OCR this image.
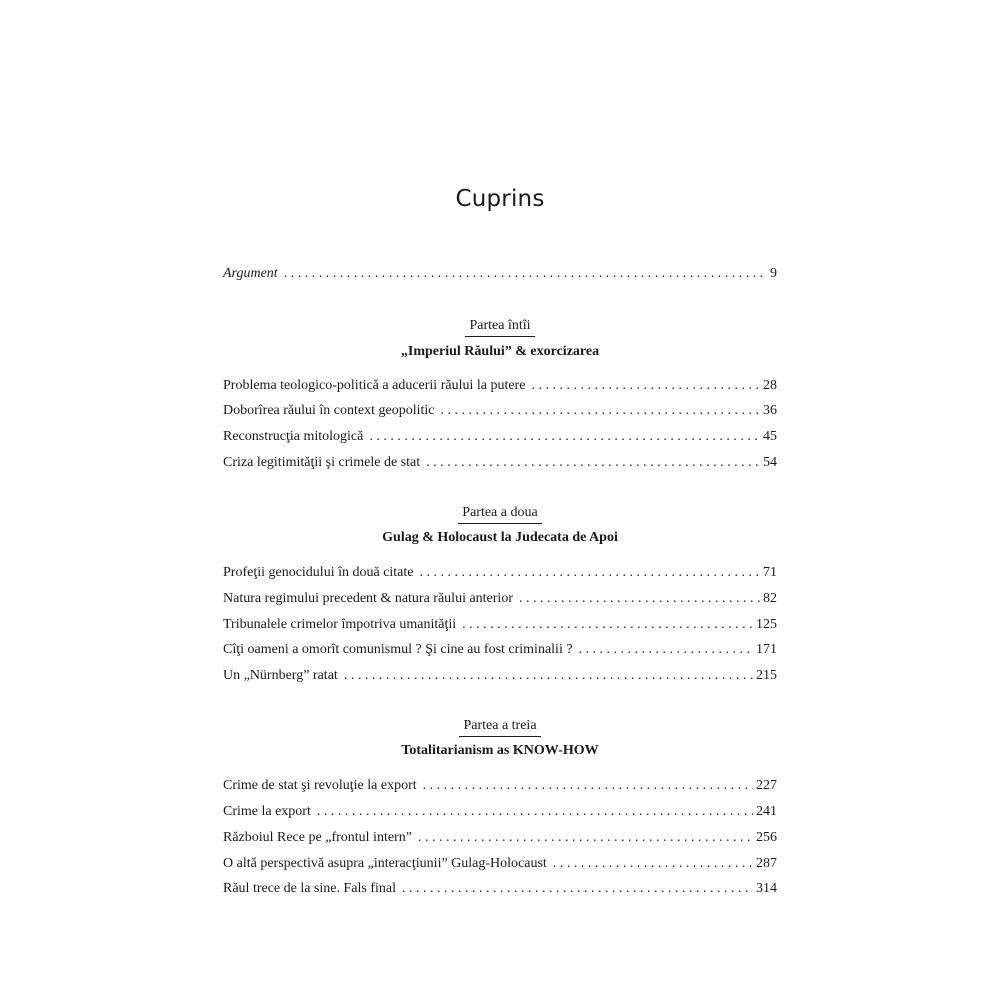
Cuprins
Argument . . .	9
Partea întîi
„Imperiul Răului” & exorcizarea
Problema teologico-politică a aducerii răului la putere . . .	28
Doborîrea răului în context geopolitic . . .	36
Reconstrucţia mitologică . . .	45
Criza legitimităţii şi crimele de stat . . .	54
Partea a doua
Gulag & Holocaust la Judecata de Apoi
Profeţii genocidului în două citate . . .	71
Natura regimului precedent & natura răului anterior . . .	82
Tribunalele crimelor împotriva umanităţii . . .	125
Cîţi oameni a omorît comunismul ? Şi cine au fost criminalii ? . . .	171
Un „Nürnberg” ratat . . .	215
Partea a treia
Totalitarianism as KNOW-HOW
Crime de stat şi revoluţie la export . . .	227
Crime la export . . .	241
Războiul Rece pe „frontul intern” . . .	256
O altă perspectivă asupra „interacţiunii” Gulag-Holocaust . . .	287
Răul trece de la sine. Fals final . . .	314
